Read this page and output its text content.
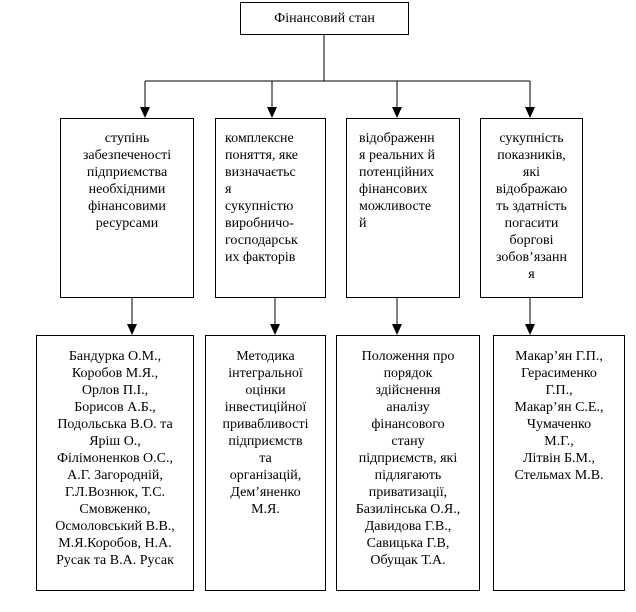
Фінансовий стан

ступінь
забезпеченості
підприємства
необхідними
фінансовими
ресурсами

комплексне
поняття, яке
визначаєтьс
я
сукупністю
виробничо-
господарськ
их факторів

відображенн
я реальних й
потенційних
фінансових
можливосте
й

сукупність
показників,
які
відображаю
ть здатність
погасити
боргові
зобов’язанн
я

Бандурка О.М.,
Коробов М.Я.,
Орлов П.І.,
Борисов А.Б.,
Подольська В.О. та
Яріш О.,
Філімоненков О.С.,
А.Г. Загородній,
Г.Л.Вознюк, Т.С.
Смовженко,
Осмоловський В.В.,
М.Я.Коробов, Н.А.
Русак та В.А. Русак

Методика
інтегральної
оцінки
інвестиційної
привабливості
підприємств
та
організацій,
Дем’яненко
М.Я.

Положення про
порядок
здійснення
аналізу
фінансового
стану
підприємств, які
підлягають
приватизації,
Базилінська О.Я.,
Давидова Г.В.,
Савицька Г.В,
Обущак Т.А.

Макар’ян Г.П.,
Герасименко
Г.П.,
Макар’ян С.Е.,
Чумаченко
М.Г.,
Літвін Б.М.,
Стельмах М.В.
